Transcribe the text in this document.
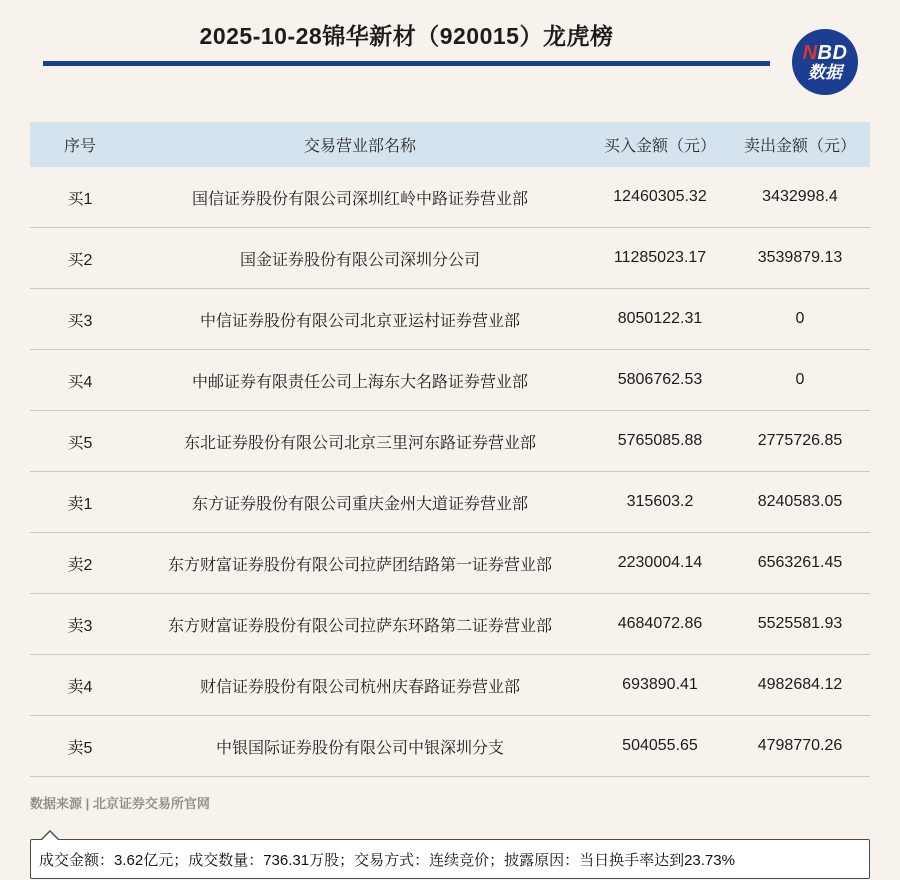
2025-10-28锦华新材（920015）龙虎榜
NBD
数据
序号	交易营业部名称	买入金额（元）	卖出金额（元）
买1	国信证券股份有限公司深圳红岭中路证券营业部	12460305.32	3432998.4
买2	国金证券股份有限公司深圳分公司	11285023.17	3539879.13
买3	中信证券股份有限公司北京亚运村证券营业部	8050122.31	0
买4	中邮证券有限责任公司上海东大名路证券营业部	5806762.53	0
买5	东北证券股份有限公司北京三里河东路证券营业部	5765085.88	2775726.85
卖1	东方证券股份有限公司重庆金州大道证券营业部	315603.2	8240583.05
卖2	东方财富证券股份有限公司拉萨团结路第一证券营业部	2230004.14	6563261.45
卖3	东方财富证券股份有限公司拉萨东环路第二证券营业部	4684072.86	5525581.93
卖4	财信证券股份有限公司杭州庆春路证券营业部	693890.41	4982684.12
卖5	中银国际证券股份有限公司中银深圳分支	504055.65	4798770.26
数据来源 | 北京证券交易所官网
成交金额：3.62亿元；成交数量：736.31万股；交易方式：连续竞价；披露原因：当日换手率达到23.73%
